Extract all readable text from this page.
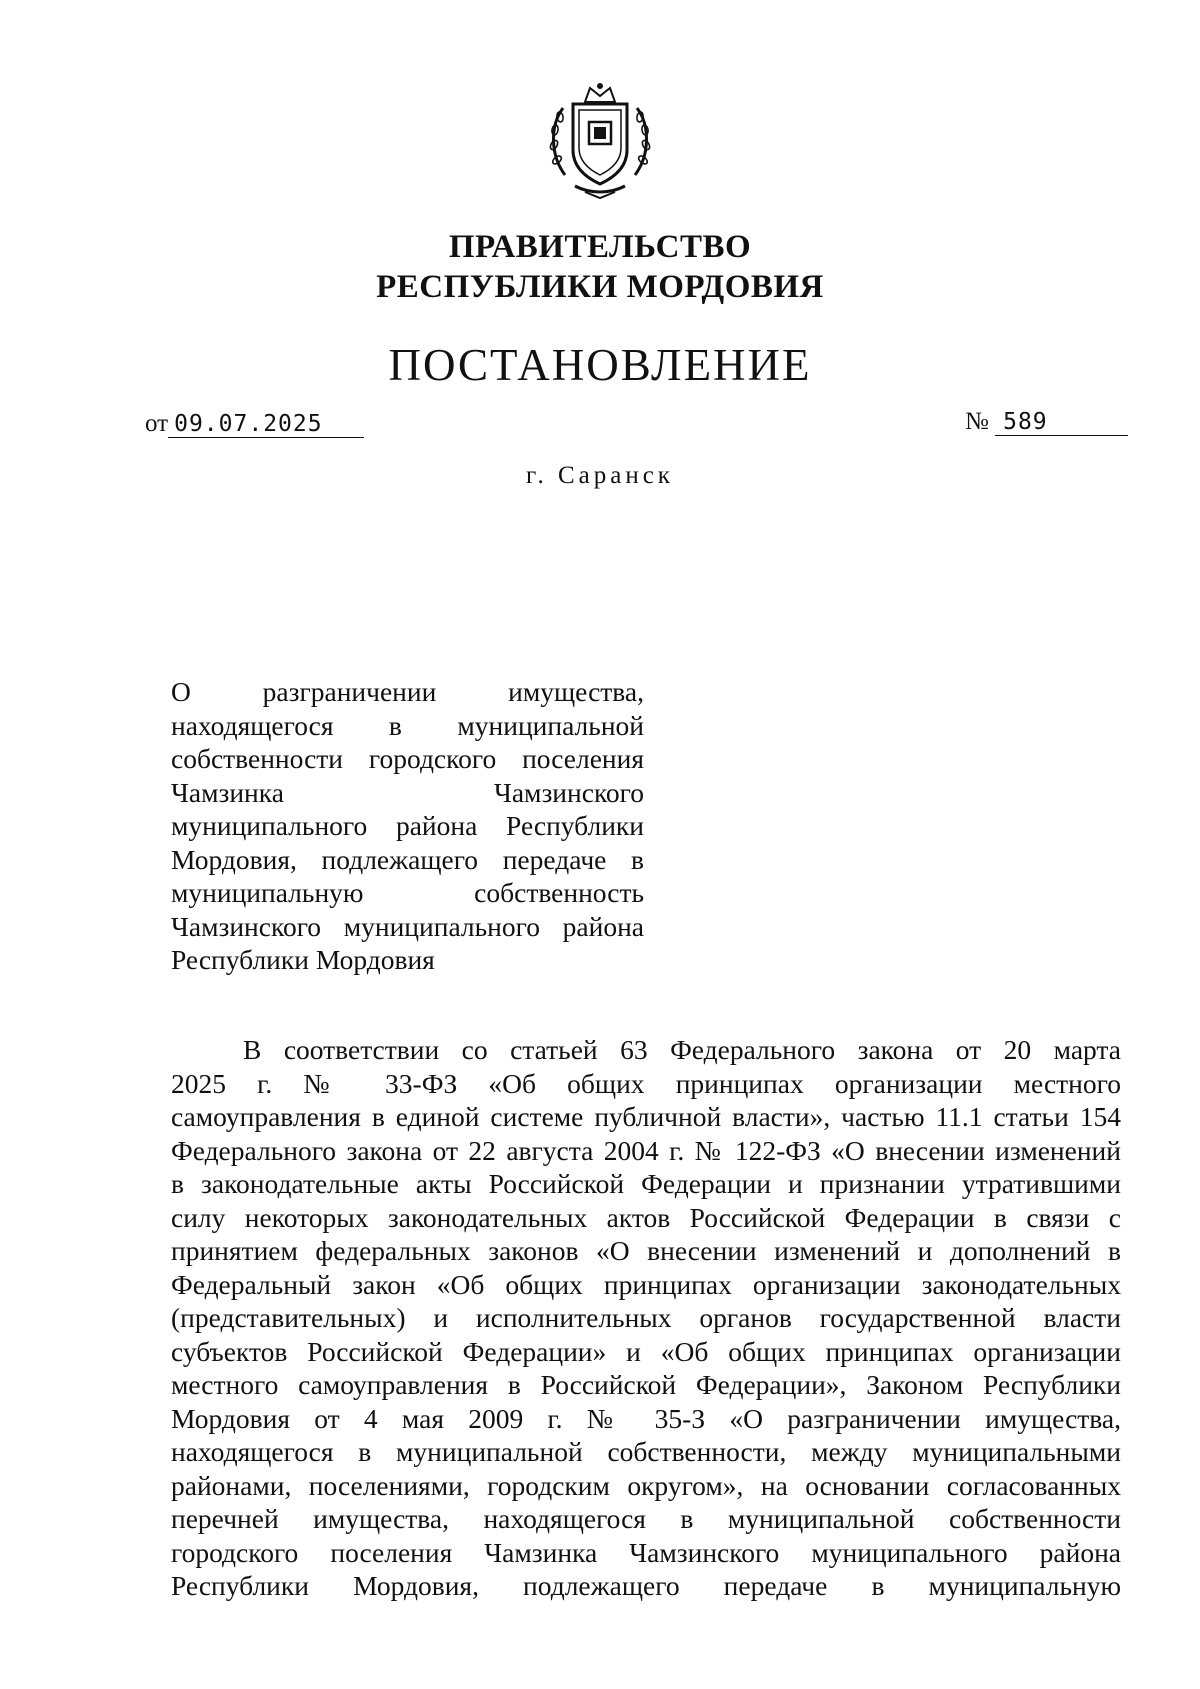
ПРАВИТЕЛЬСТВО
РЕСПУБЛИКИ МОРДОВИЯ
ПОСТАНОВЛЕНИЕ
от 09.07.2025	№ 589
г. Саранск
О разграничении имущества,
находящегося в муниципальной
собственности городского поселения
Чамзинка Чамзинского
муниципального района Республики
Мордовия, подлежащего передаче в
муниципальную собственность
Чамзинского муниципального района
Республики Мордовия
В соответствии со статьей 63 Федерального закона от 20 марта
2025 г. № 33-ФЗ «Об общих принципах организации местного
самоуправления в единой системе публичной власти», частью 11.1 статьи 154
Федерального закона от 22 августа 2004 г. № 122-ФЗ «О внесении изменений
в законодательные акты Российской Федерации и признании утратившими
силу некоторых законодательных актов Российской Федерации в связи с
принятием федеральных законов «О внесении изменений и дополнений в
Федеральный закон «Об общих принципах организации законодательных
(представительных) и исполнительных органов государственной власти
субъектов Российской Федерации» и «Об общих принципах организации
местного самоуправления в Российской Федерации», Законом Республики
Мордовия от 4 мая 2009 г. № 35-З «О разграничении имущества,
находящегося в муниципальной собственности, между муниципальными
районами, поселениями, городским округом», на основании согласованных
перечней имущества, находящегося в муниципальной собственности
городского поселения Чамзинка Чамзинского муниципального района
Республики Мордовия, подлежащего передаче в муниципальную
